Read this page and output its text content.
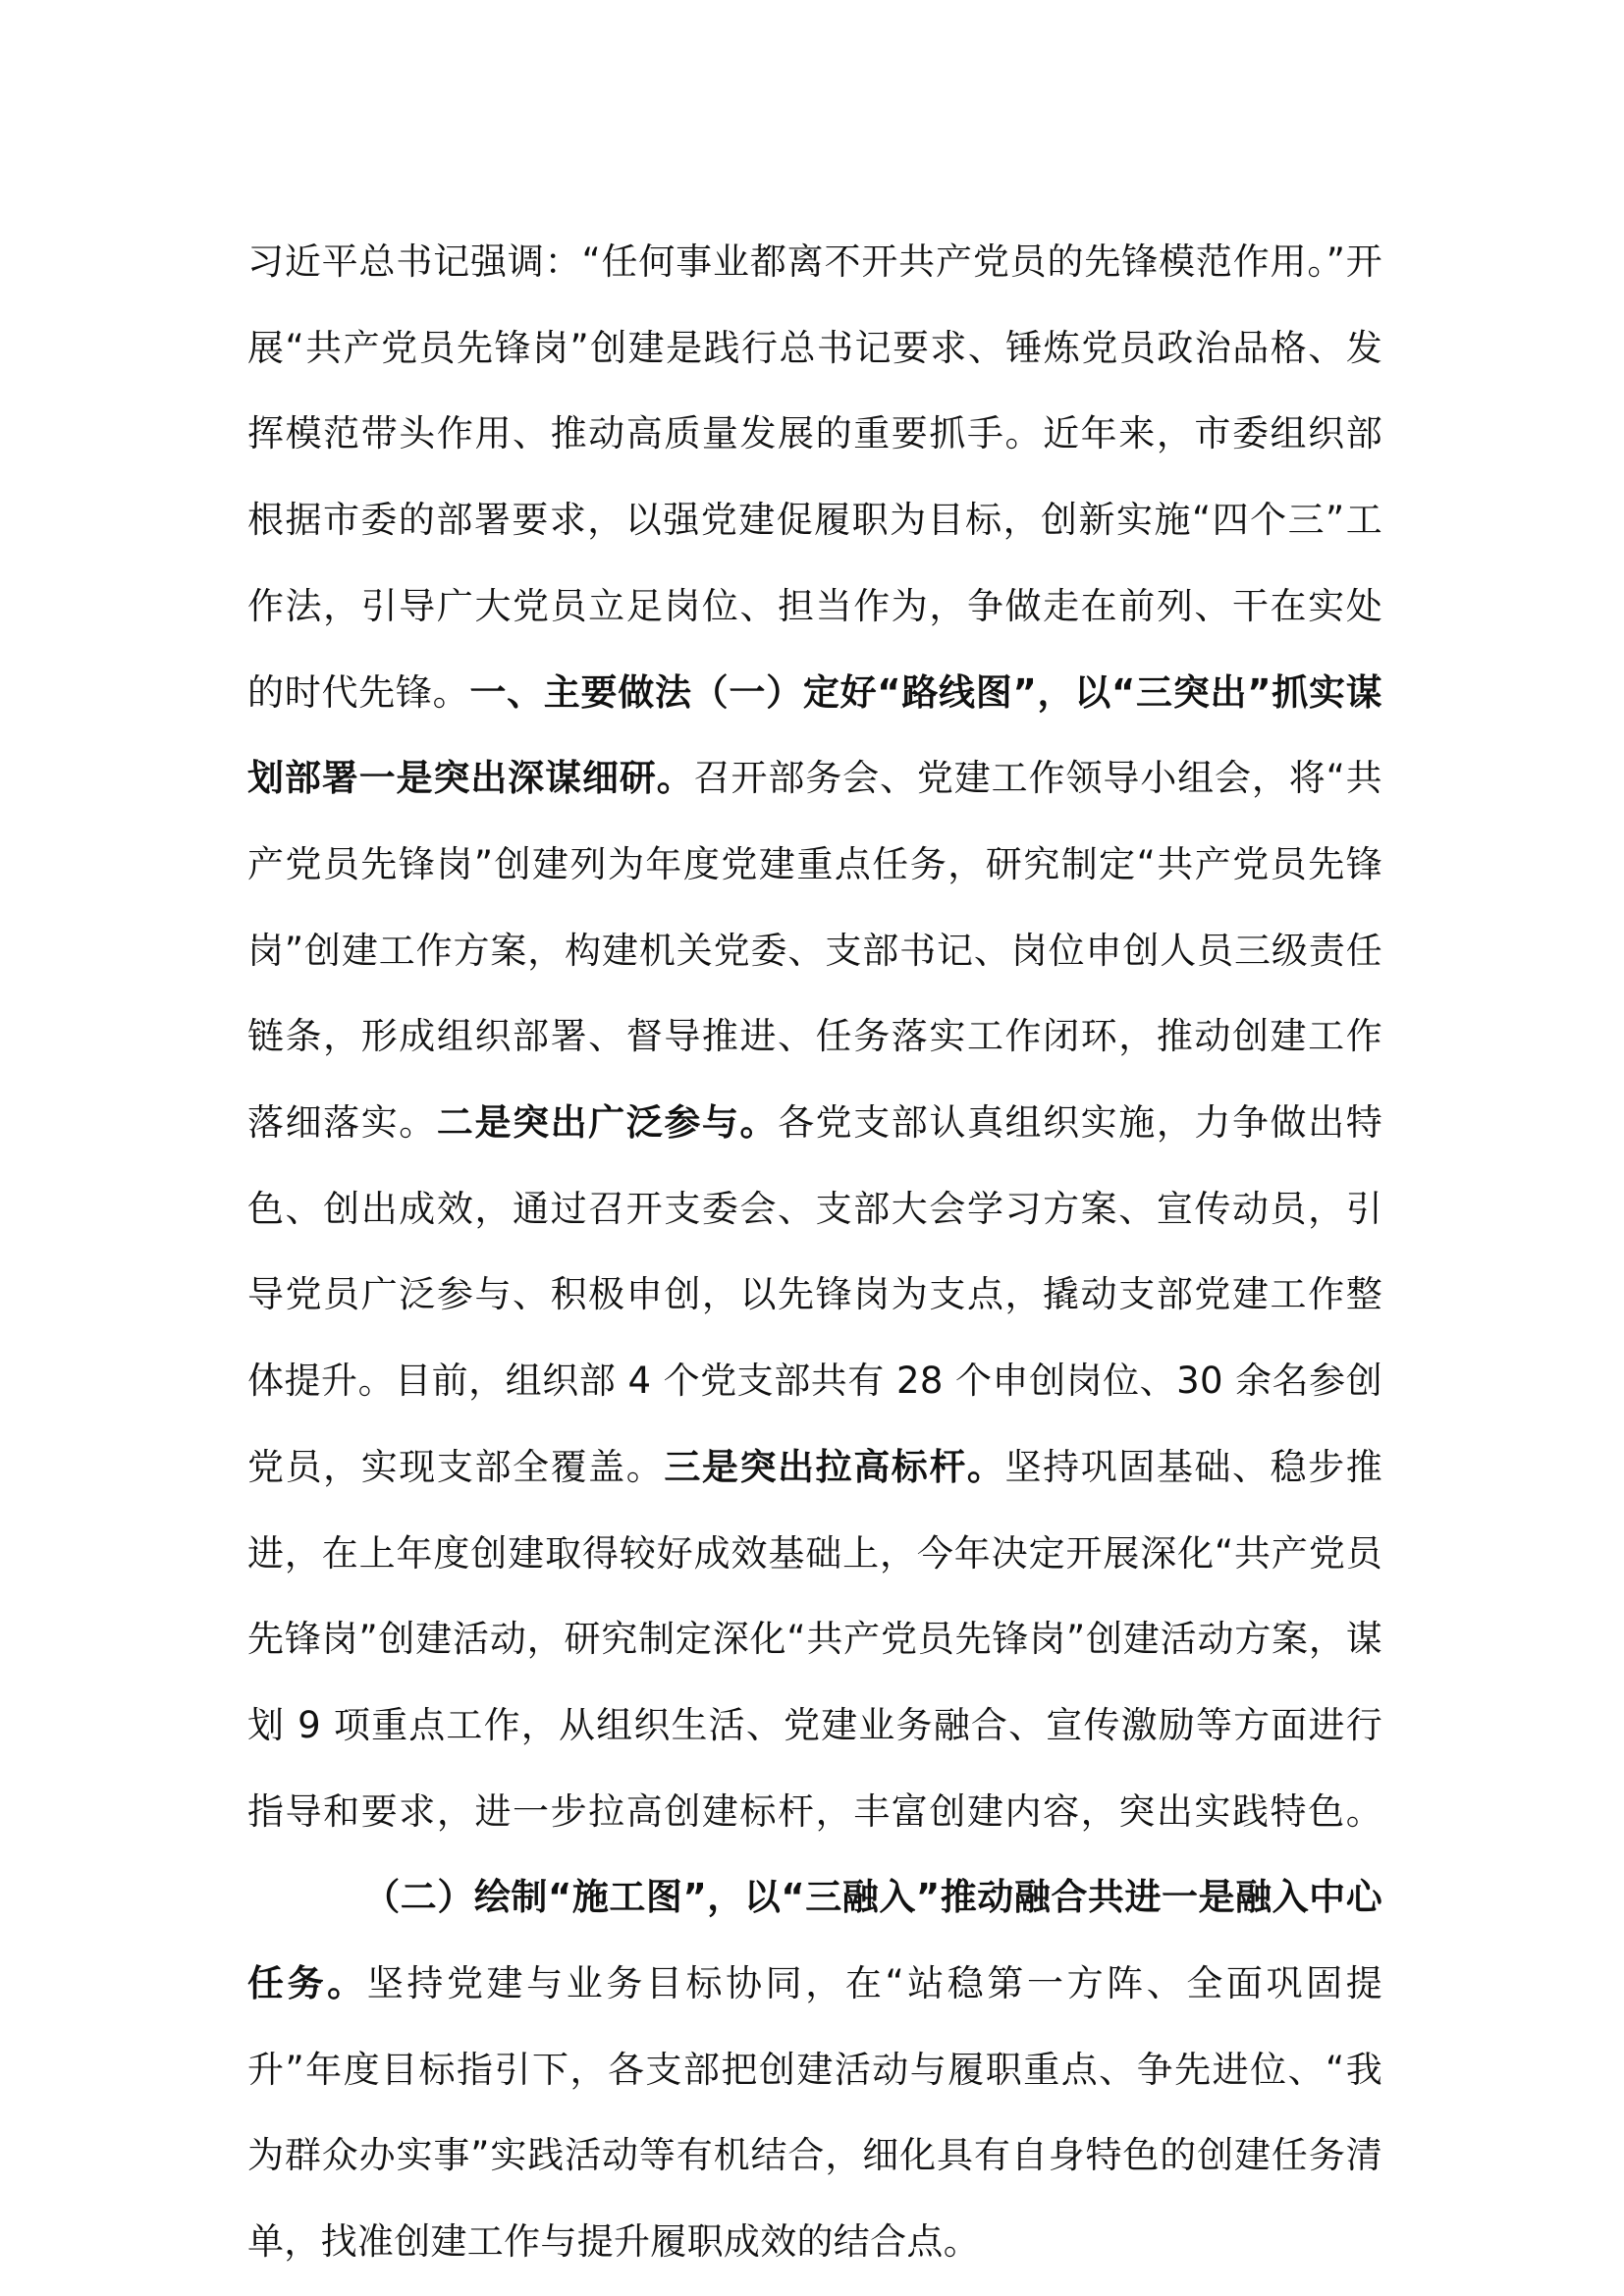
习近平总书记强调：“任何事业都离不开共产党员的先锋模范作用。”开展“共产党员先锋岗”创建是践行总书记要求、锤炼党员政治品格、发挥模范带头作用、推动高质量发展的重要抓手。近年来，市委组织部根据市委的部署要求，以强党建促履职为目标，创新实施“四个三”工作法，引导广大党员立足岗位、担当作为，争做走在前列、干在实处的时代先锋。一、主要做法（一）定好“路线图”，以“三突出”抓实谋划部署一是突出深谋细研。召开部务会、党建工作领导小组会，将“共产党员先锋岗”创建列为年度党建重点任务，研究制定“共产党员先锋岗”创建工作方案，构建机关党委、支部书记、岗位申创人员三级责任链条，形成组织部署、督导推进、任务落实工作闭环，推动创建工作落细落实。二是突出广泛参与。各党支部认真组织实施，力争做出特色、创出成效，通过召开支委会、支部大会学习方案、宣传动员，引导党员广泛参与、积极申创，以先锋岗为支点，撬动支部党建工作整体提升。目前，组织部 4 个党支部共有 28 个申创岗位、30 余名参创党员，实现支部全覆盖。三是突出拉高标杆。坚持巩固基础、稳步推进，在上年度创建取得较好成效基础上，今年决定开展深化“共产党员先锋岗”创建活动，研究制定深化“共产党员先锋岗”创建活动方案，谋划 9 项重点工作，从组织生活、党建业务融合、宣传激励等方面进行指导和要求，进一步拉高创建标杆，丰富创建内容，突出实践特色。（二）绘制“施工图”，以“三融入”推动融合共进一是融入中心任务。坚持党建与业务目标协同，在“站稳第一方阵、全面巩固提升”年度目标指引下，各支部把创建活动与履职重点、争先进位、“我为群众办实事”实践活动等有机结合，细化具有自身特色的创建任务清单，找准创建工作与提升履职成效的结合点。
